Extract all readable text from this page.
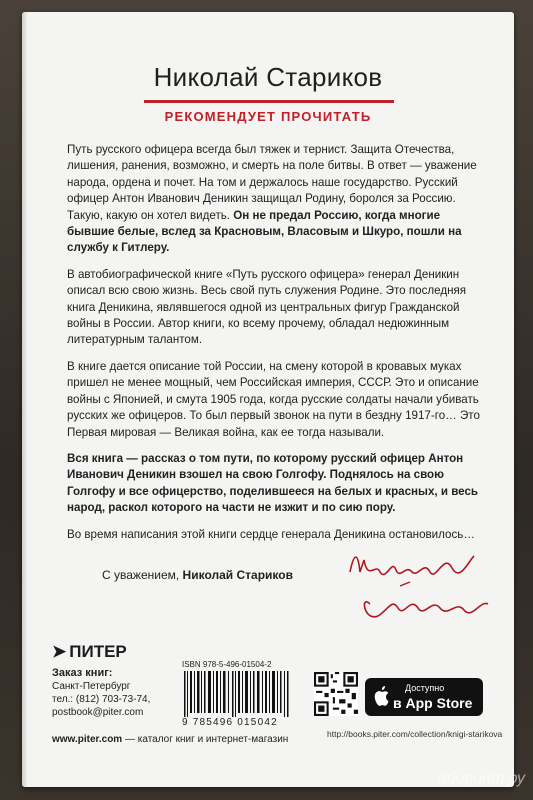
Николай Стариков
РЕКОМЕНДУЕТ ПРОЧИТАТЬ

Путь русского офицера всегда был тяжек и тернист. Защита Отечества, лишения, ранения, возможно, и смерть на поле битвы. В ответ — уважение народа, ордена и почет. На том и держалось наше государство. Русский офицер Антон Иванович Деникин защищал Родину, боролся за Россию. Такую, какую он хотел видеть. Он не предал Россию, когда многие бывшие белые, вслед за Красновым, Власовым и Шкуро, пошли на службу к Гитлеру.

В автобиографической книге «Путь русского офицера» генерал Деникин описал всю свою жизнь. Весь свой путь служения Родине. Это последняя книга Деникина, являвшегося одной из центральных фигур Гражданской войны в России. Автор книги, ко всему прочему, обладал недюжинным литературным талантом.

В книге дается описание той России, на смену которой в кровавых муках пришел не менее мощный, чем Российская империя, СССР. Это и описание войны с Японией, и смута 1905 года, когда русские солдаты начали убивать русских же офицеров. То был первый звонок на пути в бездну 1917-го… Это Первая мировая — Великая война, как ее тогда называли.

Вся книга — рассказ о том пути, по которому русский офицер Антон Иванович Деникин взошел на свою Голгофу. Поднялось на свою Голгофу и все офицерство, поделившееся на белых и красных, и весь народ, раскол которого на части не изжит и по сию пору.

Во время написания этой книги сердце генерала Деникина остановилось…

С уважением, Николай Стариков
➤ ПИТЕР
Заказ книг:
Санкт-Петербург
тел.: (812) 703-73-74,
postbook@piter.com
ISBN 978-5-496-01504-2
9 785496 015042
Доступно
в App Store
http://books.piter.com/collection/knigi-starikova
www.piter.com — каталог книг и интернет-магазин
абиринт.ру
